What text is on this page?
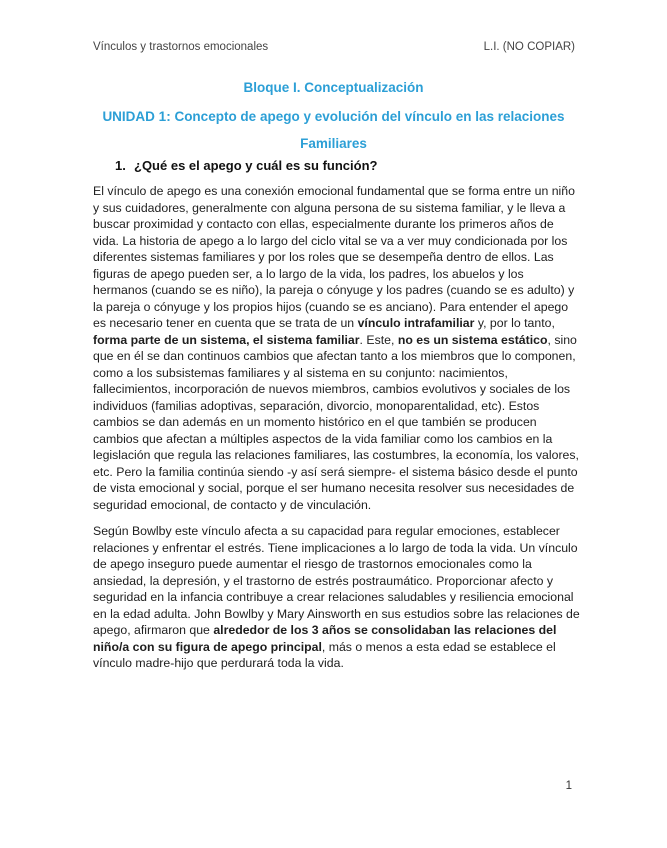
Vínculos y trastornos emocionales	L.I. (NO COPIAR)

Bloque I. Conceptualización

UNIDAD 1: Concepto de apego y evolución del vínculo en las relaciones
Familiares

1. ¿Qué es el apego y cuál es su función?

El vínculo de apego es una conexión emocional fundamental que se forma entre un niño y sus cuidadores, generalmente con alguna persona de su sistema familiar, y le lleva a buscar proximidad y contacto con ellas, especialmente durante los primeros años de vida. La historia de apego a lo largo del ciclo vital se va a ver muy condicionada por los diferentes sistemas familiares y por los roles que se desempeña dentro de ellos. Las figuras de apego pueden ser, a lo largo de la vida, los padres, los abuelos y los hermanos (cuando se es niño), la pareja o cónyuge y los padres (cuando se es adulto) y la pareja o cónyuge y los propios hijos (cuando se es anciano). Para entender el apego es necesario tener en cuenta que se trata de un vínculo intrafamiliar y, por lo tanto, forma parte de un sistema, el sistema familiar. Este, no es un sistema estático, sino que en él se dan continuos cambios que afectan tanto a los miembros que lo componen, como a los subsistemas familiares y al sistema en su conjunto: nacimientos, fallecimientos, incorporación de nuevos miembros, cambios evolutivos y sociales de los individuos (familias adoptivas, separación, divorcio, monoparentalidad, etc). Estos cambios se dan además en un momento histórico en el que también se producen cambios que afectan a múltiples aspectos de la vida familiar como los cambios en la legislación que regula las relaciones familiares, las costumbres, la economía, los valores, etc. Pero la familia continúa siendo -y así será siempre- el sistema básico desde el punto de vista emocional y social, porque el ser humano necesita resolver sus necesidades de seguridad emocional, de contacto y de vinculación.

Según Bowlby este vínculo afecta a su capacidad para regular emociones, establecer relaciones y enfrentar el estrés. Tiene implicaciones a lo largo de toda la vida. Un vínculo de apego inseguro puede aumentar el riesgo de trastornos emocionales como la ansiedad, la depresión, y el trastorno de estrés postraumático. Proporcionar afecto y seguridad en la infancia contribuye a crear relaciones saludables y resiliencia emocional en la edad adulta. John Bowlby y Mary Ainsworth en sus estudios sobre las relaciones de apego, afirmaron que alrededor de los 3 años se consolidaban las relaciones del niño/a con su figura de apego principal, más o menos a esta edad se establece el vínculo madre-hijo que perdurará toda la vida.

1
